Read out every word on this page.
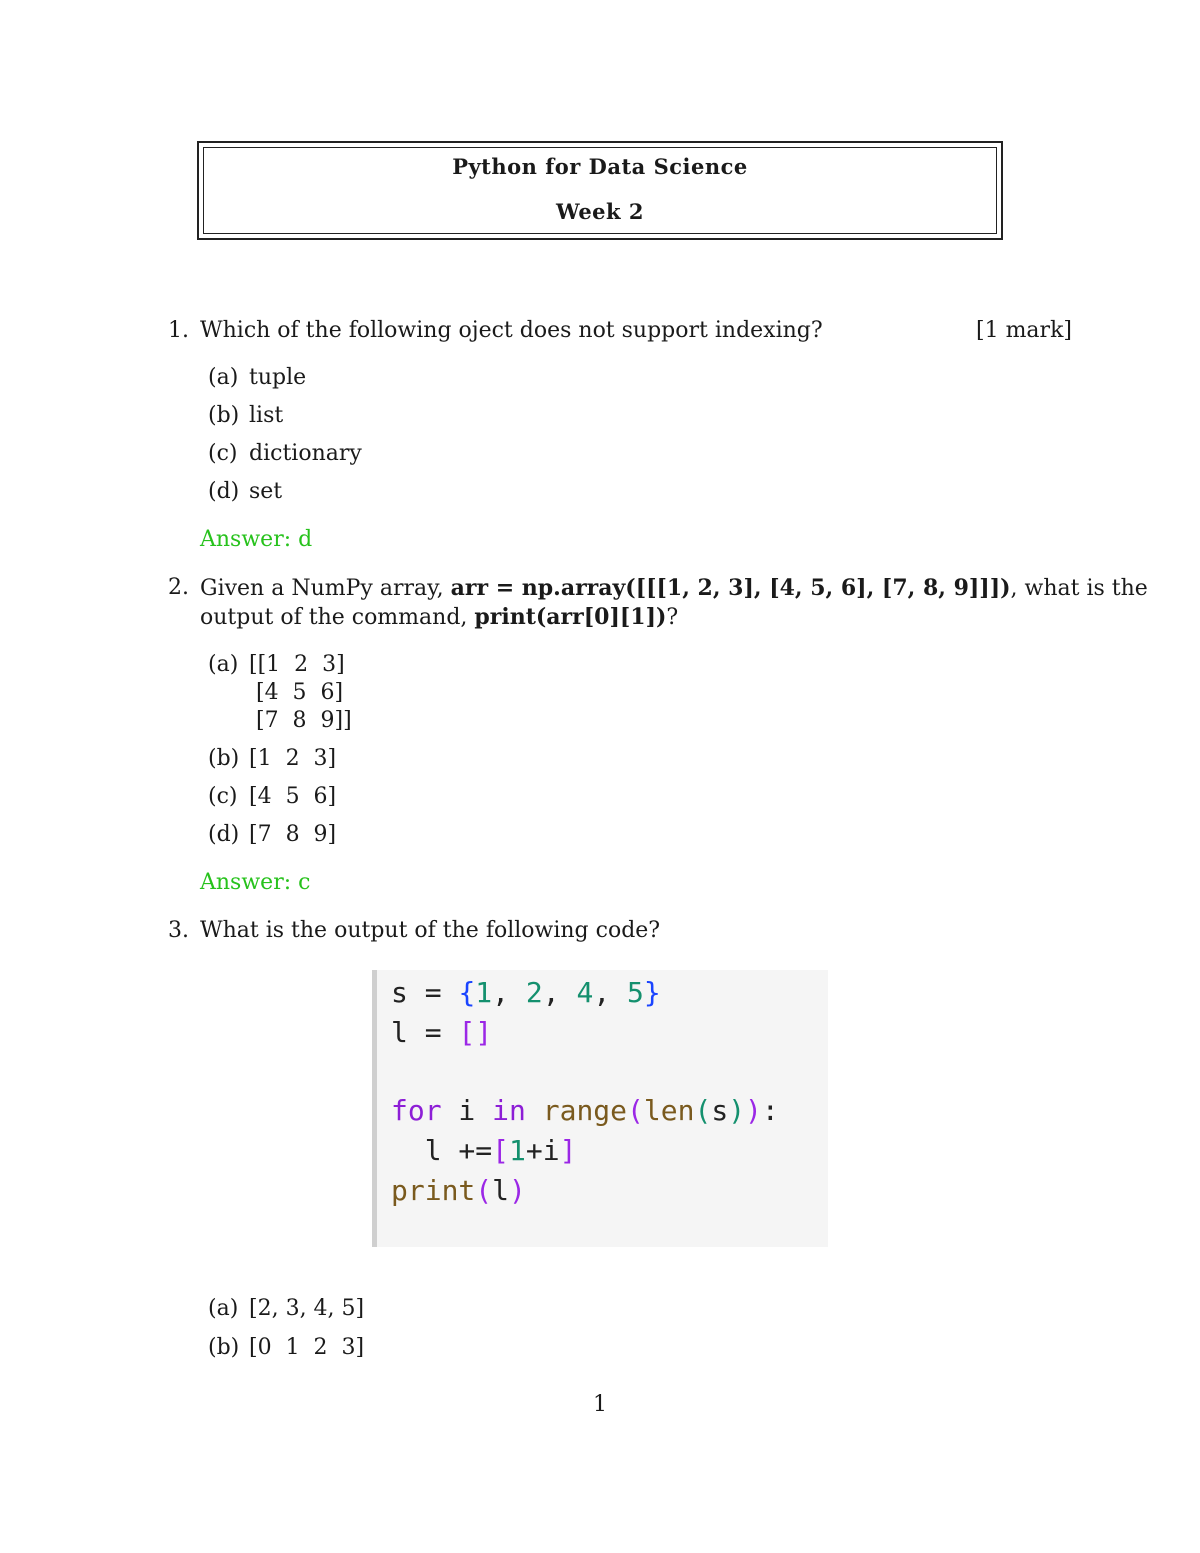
Python for Data Science
Week 2
1. Which of the following oject does not support indexing?	[1 mark]
(a) tuple
(b) list
(c) dictionary
(d) set
Answer: d
2. Given a NumPy array, arr = np.array([[[1, 2, 3], [4, 5, 6], [7, 8, 9]]]), what is the
output of the command, print(arr[0][1])?
(a) [[1  2  3]
[4  5  6]
[7  8  9]]
(b) [1  2  3]
(c) [4  5  6]
(d) [7  8  9]
Answer: c
3. What is the output of the following code?
s = {1, 2, 4, 5}
l = []
for i in range(len(s)):
l +=[1+i]
print(l)
(a) [2, 3, 4, 5]
(b) [0  1  2  3]
1
